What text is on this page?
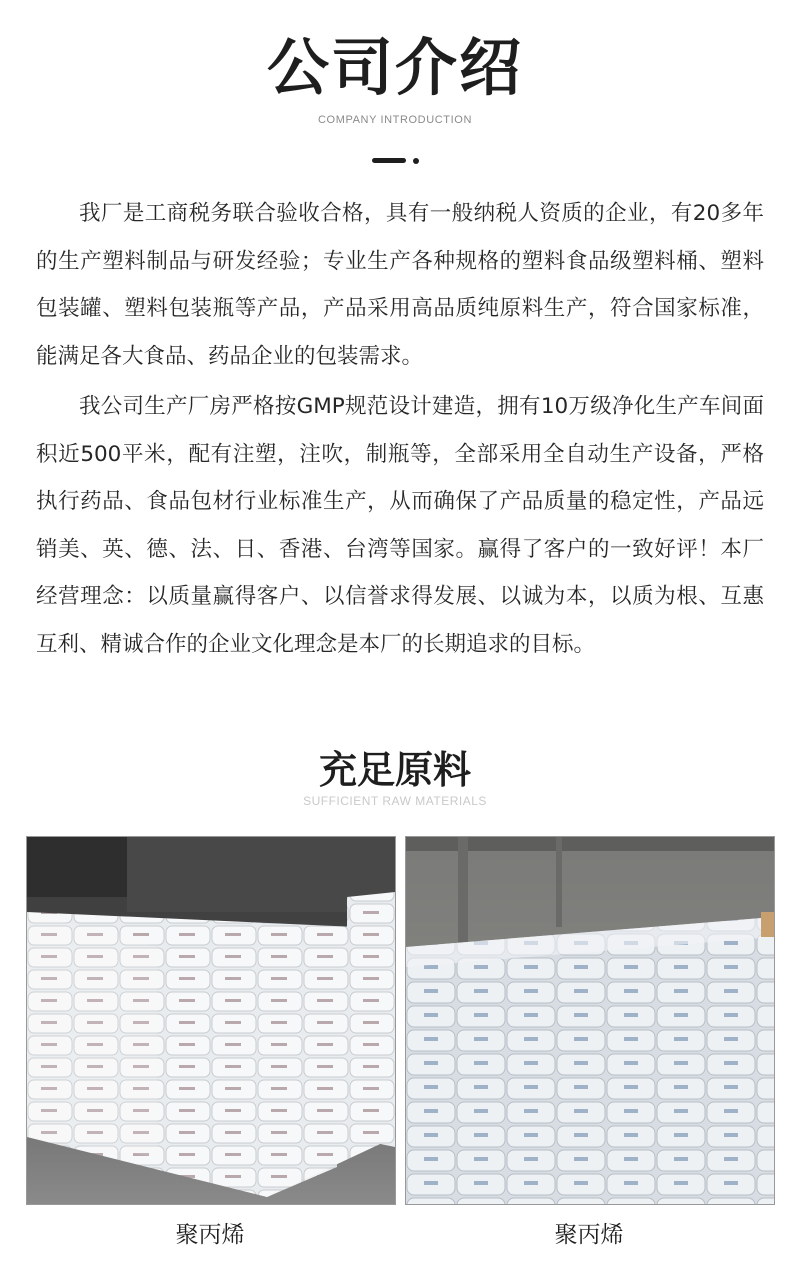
公司介绍
COMPANY INTRODUCTION

我厂是工商税务联合验收合格，具有一般纳税人资质的企业，有20多年的生产塑料制品与研发经验；专业生产各种规格的塑料食品级塑料桶、塑料包装罐、塑料包装瓶等产品，产品采用高品质纯原料生产，符合国家标准，能满足各大食品、药品企业的包装需求。

我公司生产厂房严格按GMP规范设计建造，拥有10万级净化生产车间面积近500平米，配有注塑，注吹，制瓶等，全部采用全自动生产设备，严格执行药品、食品包材行业标准生产，从而确保了产品质量的稳定性，产品远销美、英、德、法、日、香港、台湾等国家。赢得了客户的一致好评！本厂经营理念：以质量赢得客户、以信誉求得发展、以诚为本，以质为根、互惠互利、精诚合作的企业文化理念是本厂的长期追求的目标。

充足原料
SUFFICIENT RAW MATERIALS
聚丙烯	聚丙烯
